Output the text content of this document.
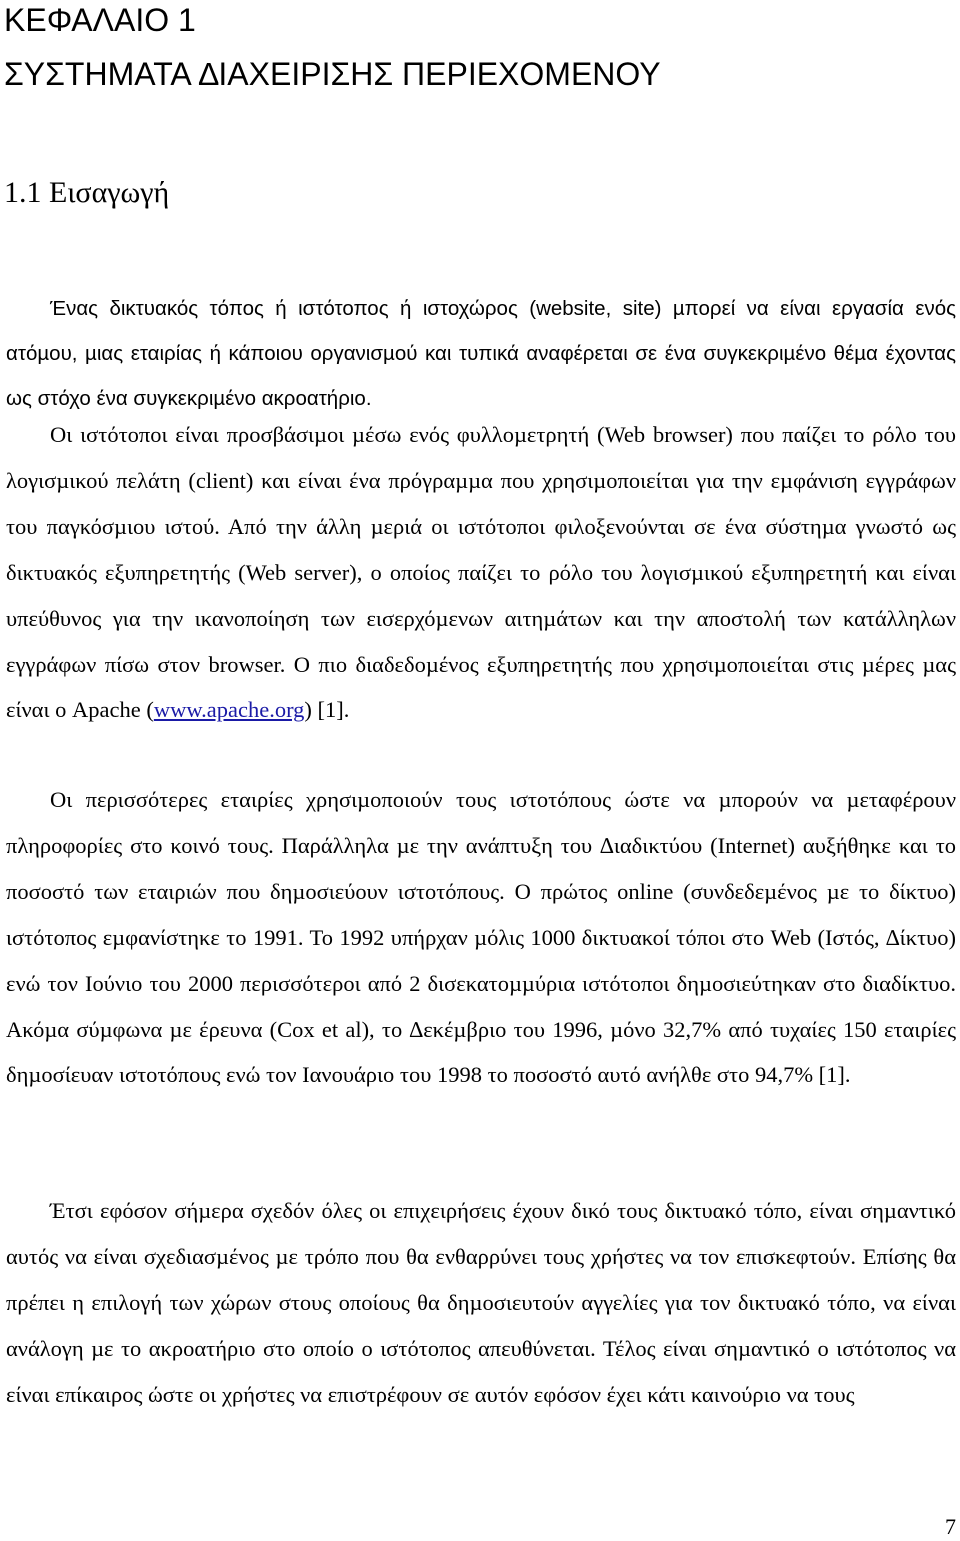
ΚΕΦΑΛΑΙΟ 1
ΣΥΣΤΗΜΑΤΑ ∆ΙΑΧΕΙΡΙΣΗΣ ΠΕΡΙΕΧΟΜΕΝΟΥ
1.1 Εισαγωγή

Ένας δικτυακός τόπος ή ιστότοπος ή ιστοχώρος (website, site) µπορεί να είναι εργασία ενός ατόµου, µιας εταιρίας ή κάποιου οργανισµού και τυπικά αναφέρεται σε ένα συγκεκριµένο θέµα έχοντας ως στόχο ένα συγκεκριµένο ακροατήριο.

Οι ιστότοποι είναι προσβάσιµοι µέσω ενός φυλλοµετρητή (Web browser) που παίζει το ρόλο του λογισµικού πελάτη (client) και είναι ένα πρόγραµµα που χρησιµοποιείται για την εµφάνιση εγγράφων του παγκόσµιου ιστού. Από την άλλη µεριά οι ιστότοποι φιλοξενούνται σε ένα σύστηµα γνωστό ως δικτυακός εξυπηρετητής (Web server), ο οποίος παίζει το ρόλο του λογισµικού εξυπηρετητή και είναι υπεύθυνος για την ικανοποίηση των εισερχόµενων αιτηµάτων και την αποστολή των κατάλληλων εγγράφων πίσω στον browser. Ο πιο διαδεδοµένος εξυπηρετητής που χρησιµοποιείται στις µέρες µας είναι ο Apache (www.apache.org) [1].

Οι περισσότερες εταιρίες χρησιµοποιούν τους ιστοτόπους ώστε να µπορούν να µεταφέρουν πληροφορίες στο κοινό τους. Παράλληλα µε την ανάπτυξη του ∆ιαδικτύου (Internet) αυξήθηκε και το ποσοστό των εταιριών που δηµοσιεύουν ιστοτόπους. Ο πρώτος online (συνδεδεµένος µε το δίκτυο) ιστότοπος εµφανίστηκε το 1991. Το 1992 υπήρχαν µόλις 1000 δικτυακοί τόποι στο Web (Ιστός, ∆ίκτυο) ενώ τον Ιούνιο του 2000 περισσότεροι από 2 δισεκατοµµύρια ιστότοποι δηµοσιεύτηκαν στο διαδίκτυο. Ακόµα σύµφωνα µε έρευνα (Cox et al), το ∆εκέµβριο του 1996, µόνο 32,7% από τυχαίες 150 εταιρίες δηµοσίευαν ιστοτόπους ενώ τον Ιανουάριο του 1998 το ποσοστό αυτό ανήλθε στο 94,7% [1].

Έτσι εφόσον σήµερα σχεδόν όλες οι επιχειρήσεις έχουν δικό τους δικτυακό τόπο, είναι σηµαντικό αυτός να είναι σχεδιασµένος µε τρόπο που θα ενθαρρύνει τους χρήστες να τον επισκεφτούν. Επίσης θα πρέπει η επιλογή των χώρων στους οποίους θα δηµοσιευτούν αγγελίες για τον δικτυακό τόπο, να είναι ανάλογη µε το ακροατήριο στο οποίο ο ιστότοπος απευθύνεται. Τέλος είναι σηµαντικό ο ιστότοπος να είναι επίκαιρος ώστε οι χρήστες να επιστρέφουν σε αυτόν εφόσον έχει κάτι καινούριο να τους

7
